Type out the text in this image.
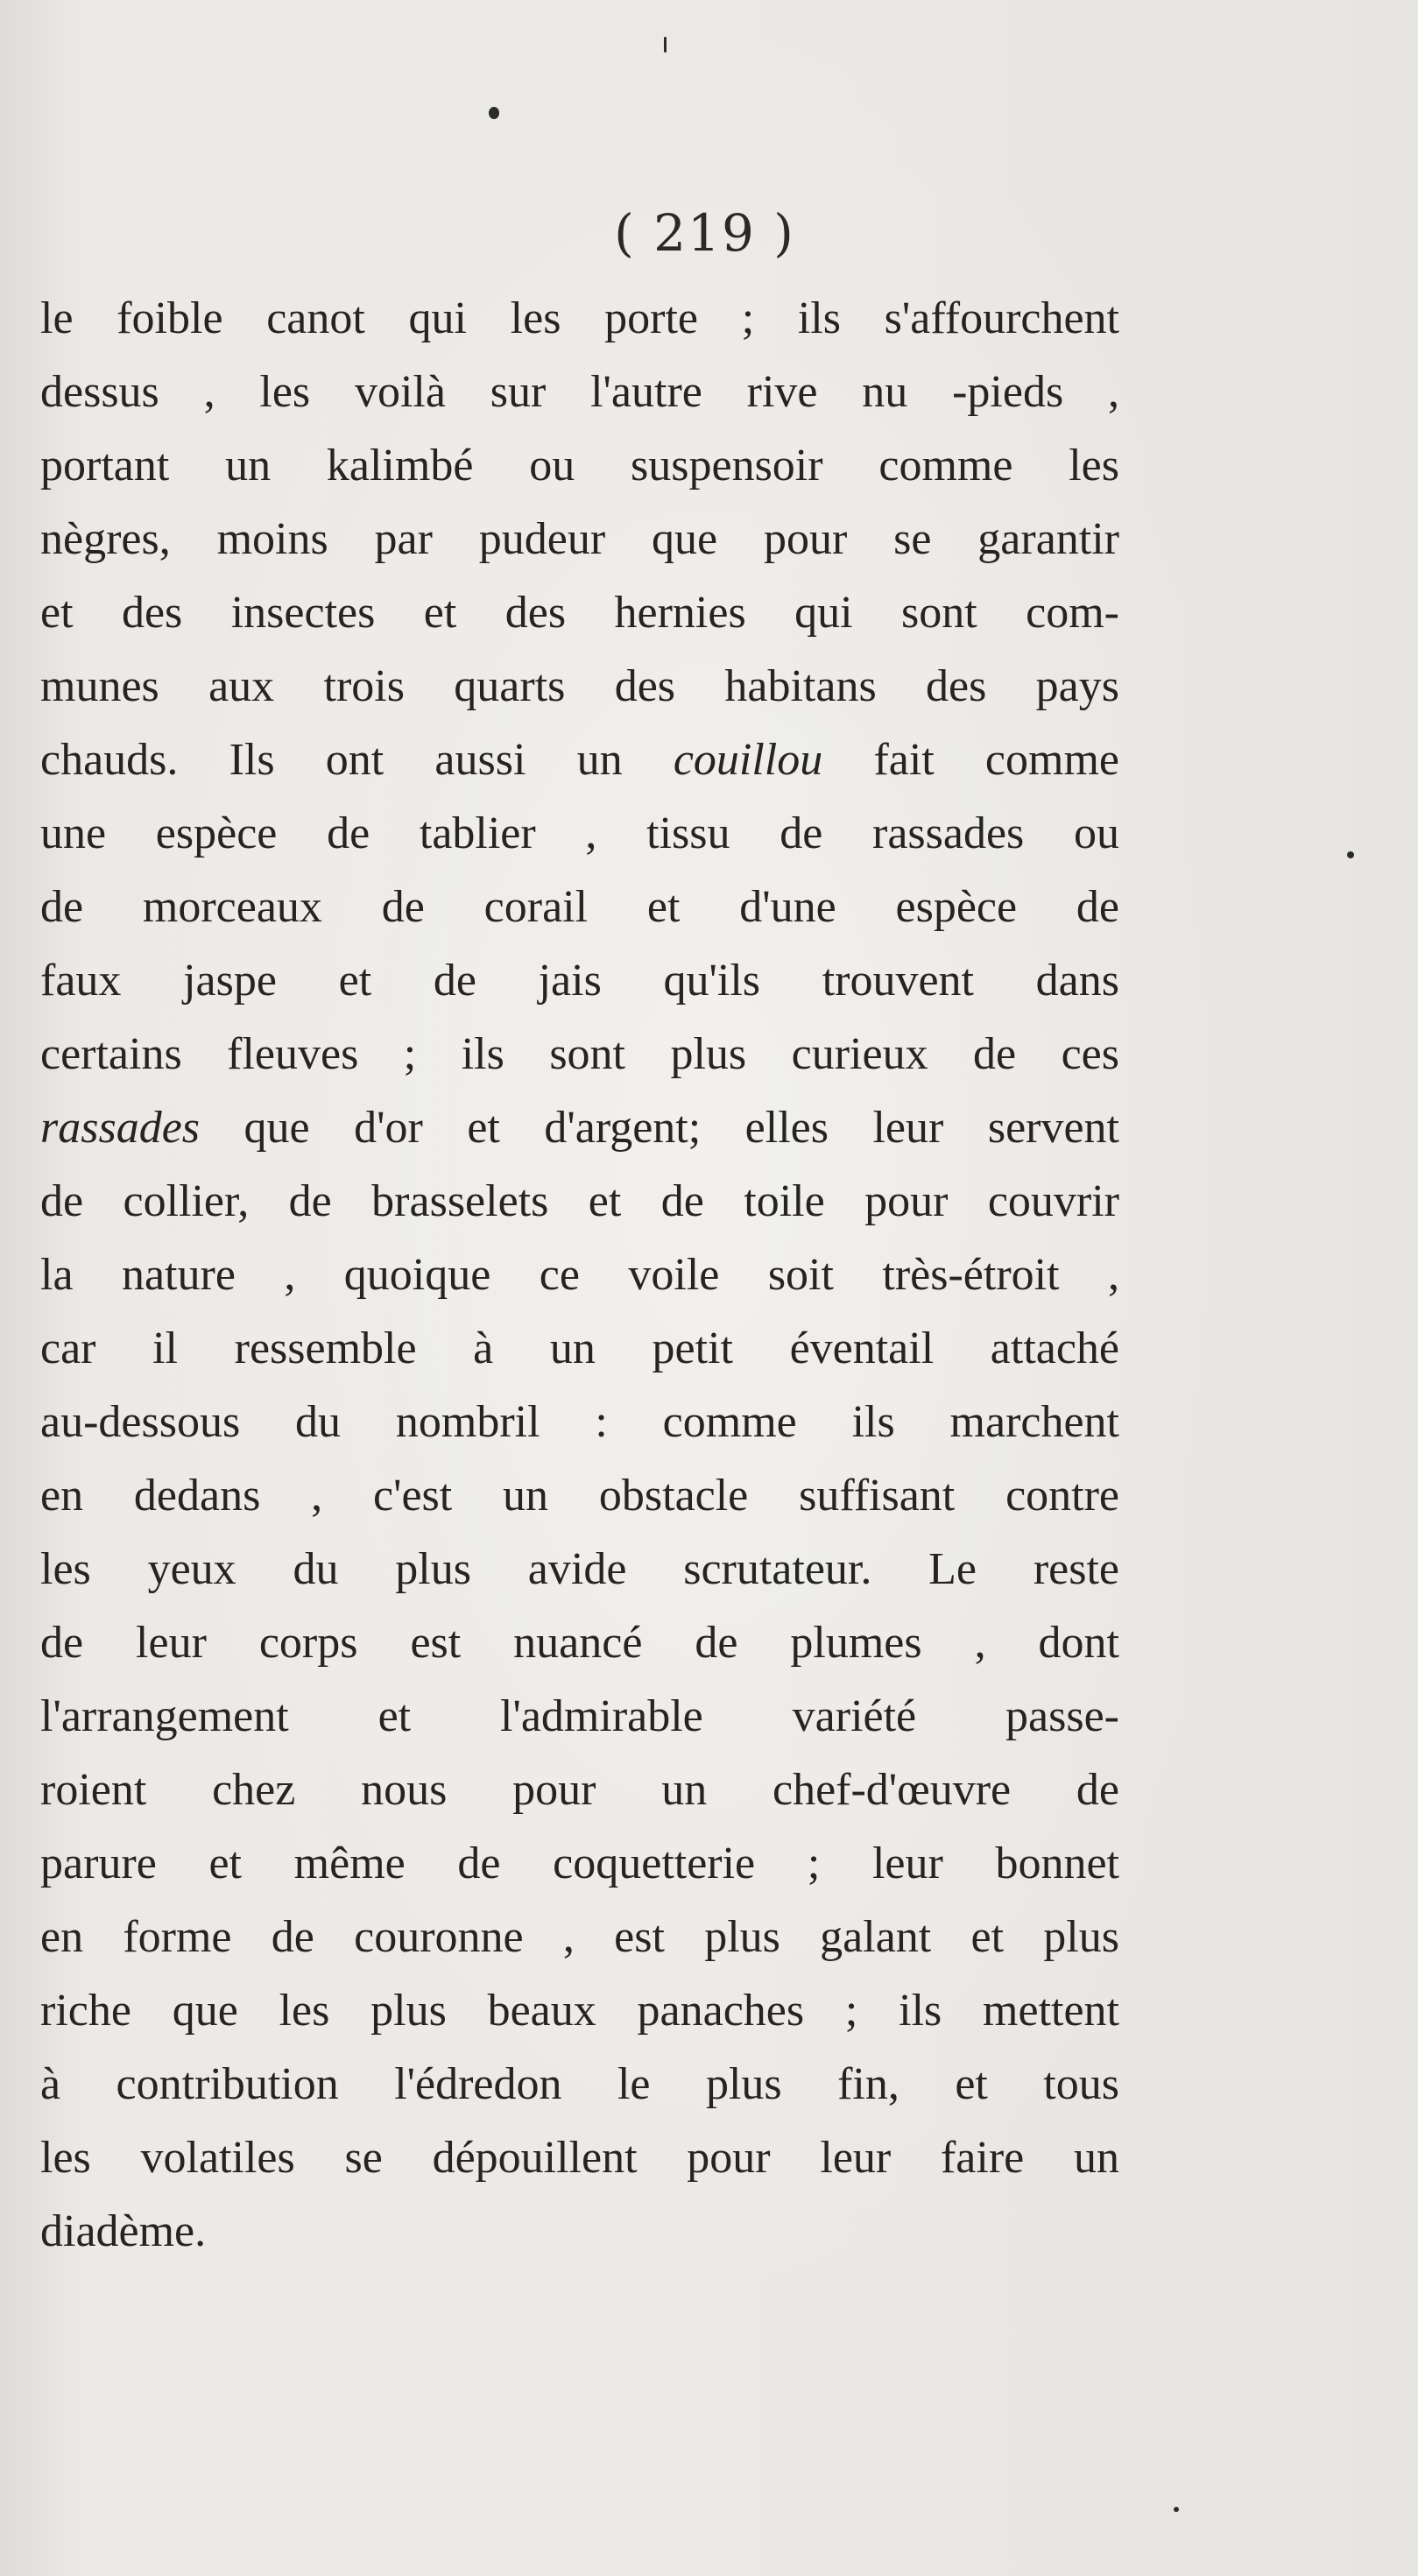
( 219 )
le foible canot qui les porte ; ils s'affourchent
dessus , les voilà sur l'autre rive nu -pieds ,
portant un kalimbé ou suspensoir comme les
nègres, moins par pudeur que pour se garantir
et des insectes et des hernies qui sont com-
munes aux trois quarts des habitans des pays
chauds. Ils ont aussi un couillou fait comme
une espèce de tablier , tissu de rassades ou
de morceaux de corail et d'une espèce de
faux jaspe et de jais qu'ils trouvent dans
certains fleuves ; ils sont plus curieux de ces
rassades que d'or et d'argent; elles leur servent
de collier, de brasselets et de toile pour couvrir
la nature , quoique ce voile soit très-étroit ,
car il ressemble à un petit éventail attaché
au-dessous du nombril : comme ils marchent
en dedans , c'est un obstacle suffisant contre
les yeux du plus avide scrutateur. Le reste
de leur corps est nuancé de plumes , dont
l'arrangement et l'admirable variété passe-
roient chez nous pour un chef-d'œuvre de
parure et même de coquetterie ; leur bonnet
en forme de couronne , est plus galant et plus
riche que les plus beaux panaches ; ils mettent
à contribution l'édredon le plus fin, et tous
les volatiles se dépouillent pour leur faire un
diadème.
